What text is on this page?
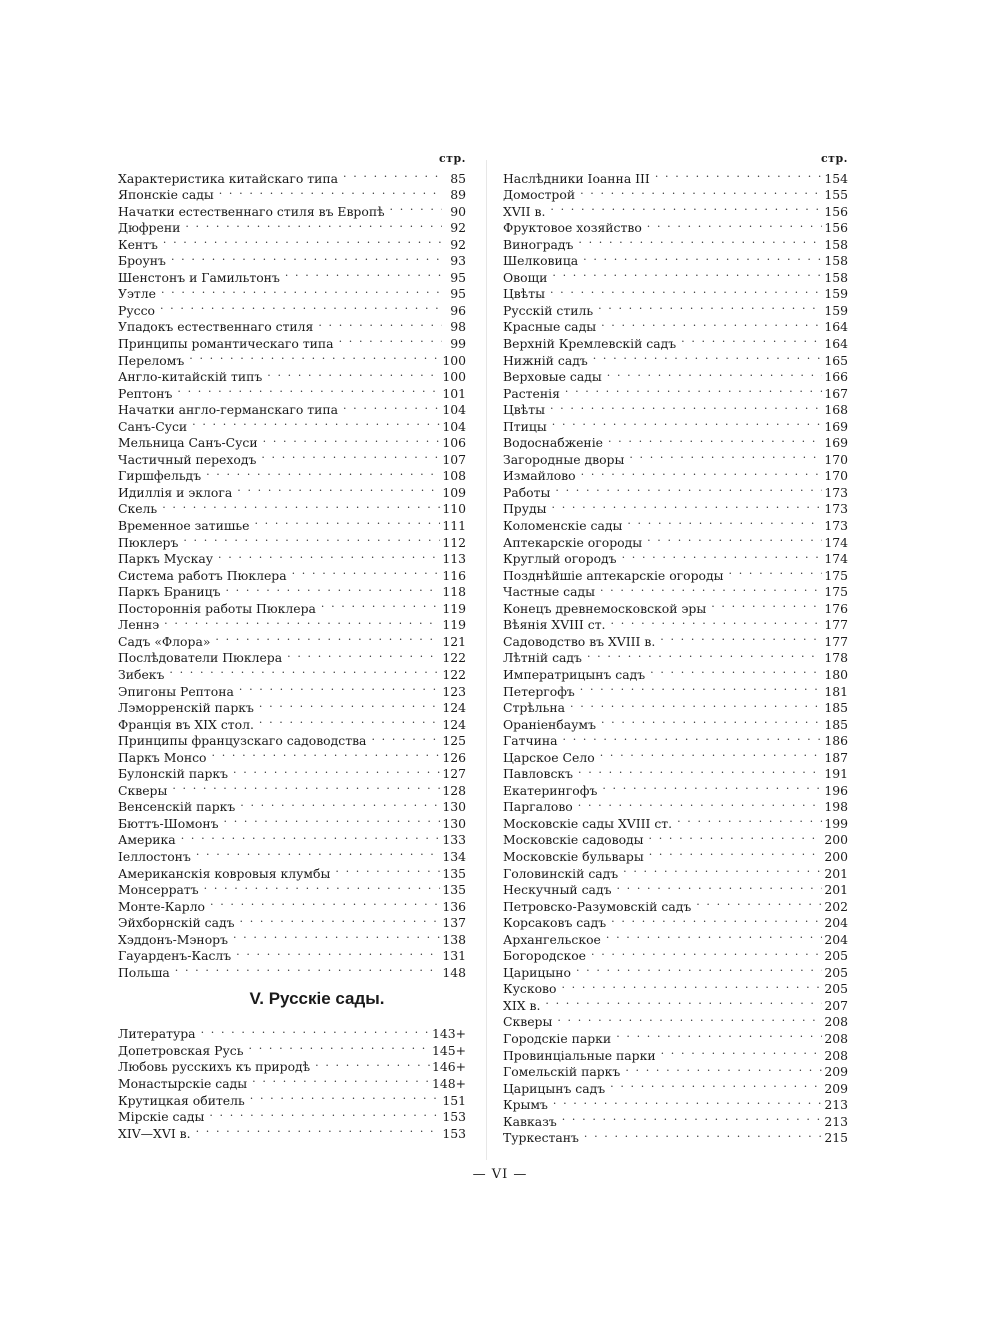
стр.
Характеристика китайскаго типа . . .	85
Японскіе сады . . .	89
Начатки естественнаго стиля въ Европѣ . . .	90
Дюфрени . . .	92
Кентъ . . .	92
Броунъ . . .	93
Шенстонъ и Гамильтонъ . . .	95
Уэтле . . .	95
Руссо . . .	96
Упадокъ естественнаго стиля . . .	98
Принципы романтическаго типа . . .	99
Переломъ . . .	100
Англо-китайскій типъ . . .	100
Рептонъ . . .	101
Начатки англо-германскаго типа . . .	104
Санъ-Суси . . .	104
Мельница Санъ-Суси . . .	106
Частичный переходъ . . .	107
Гиршфельдъ . . .	108
Идиллія и эклога . . .	109
Скель . . .	110
Временное затишье . . .	111
Пюклеръ . . .	112
Паркъ Мускау . . .	113
Система работъ Пюклера . . .	116
Паркъ Браницъ . . .	118
Постороннія работы Пюклера . . .	119
Леннэ . . .	119
Садъ «Флора» . . .	121
Послѣдователи Пюклера . . .	122
Зибекъ . . .	122
Эпигоны Рептона . . .	123
Лэморренскій паркъ . . .	124
Франція въ XIX стол. . . .	124
Принципы французскаго садоводства . . .	125
Паркъ Монсо . . .	126
Булонскій паркъ . . .	127
Скверы . . .	128
Венсенскій паркъ . . .	130
Бюттъ-Шомонъ . . .	130
Америка . . .	133
Іеллостонъ . . .	134
Американскія ковровыя клумбы . . .	135
Монсерратъ . . .	135
Монте-Карло . . .	136
Эйхборнскій садъ . . .	137
Хэддонъ-Мэноръ . . .	138
Гауарденъ-Каслъ . . .	131
Польша . . .	148
V. Русскіе сады.
Литература . . .	143+
Допетровская Русь . . .	145+
Любовь русскихъ къ природѣ . . .	146+
Монастырскіе сады . . .	148+
Крутицкая обитель . . .	151
Мірскіе сады . . .	153
XIV—XVI в. . . .	153
стр.
Наслѣдники Іоанна III . . .	154
Домострой . . .	155
XVII в. . . .	156
Фруктовое хозяйство . . .	156
Виноградъ . . .	158
Шелковица . . .	158
Овощи . . .	158
Цвѣты . . .	159
Русскій стиль . . .	159
Красные сады . . .	164
Верхній Кремлевскій садъ . . .	164
Нижній садъ . . .	165
Верховые сады . . .	166
Растенія . . .	167
Цвѣты . . .	168
Птицы . . .	169
Водоснабженіе . . .	169
Загородные дворы . . .	170
Измайлово . . .	170
Работы . . .	173
Пруды . . .	173
Коломенскіе сады . . .	173
Аптекарскіе огороды . . .	174
Круглый огородъ . . .	174
Позднѣйшіе аптекарскіе огороды . . .	175
Частные сады . . .	175
Конецъ древнемосковской эры . . .	176
Вѣянія XVIII ст. . . .	177
Садоводство въ XVIII в. . . .	177
Лѣтній садъ . . .	178
Императрицынъ садъ . . .	180
Петергофъ . . .	181
Стрѣльна . . .	185
Ораніенбаумъ . . .	185
Гатчина . . .	186
Царское Село . . .	187
Павловскъ . . .	191
Екатерингофъ . . .	196
Паргалово . . .	198
Московскіе сады XVIII ст. . . .	199
Московскіе садоводы . . .	200
Московскіе бульвары . . .	200
Головинскій садъ . . .	201
Нескучный садъ . . .	201
Петровско-Разумовскій садъ . . .	202
Корсаковъ садъ . . .	204
Архангельское . . .	204
Богородское . . .	205
Царицыно . . .	205
Кусково . . .	205
XIX в. . . .	207
Скверы . . .	208
Городскіе парки . . .	208
Провинціальные парки . . .	208
Гомельскій паркъ . . .	209
Царицынъ садъ . . .	209
Крымъ . . .	213
Кавказъ . . .	213
Туркестанъ . . .	215
— VI —
